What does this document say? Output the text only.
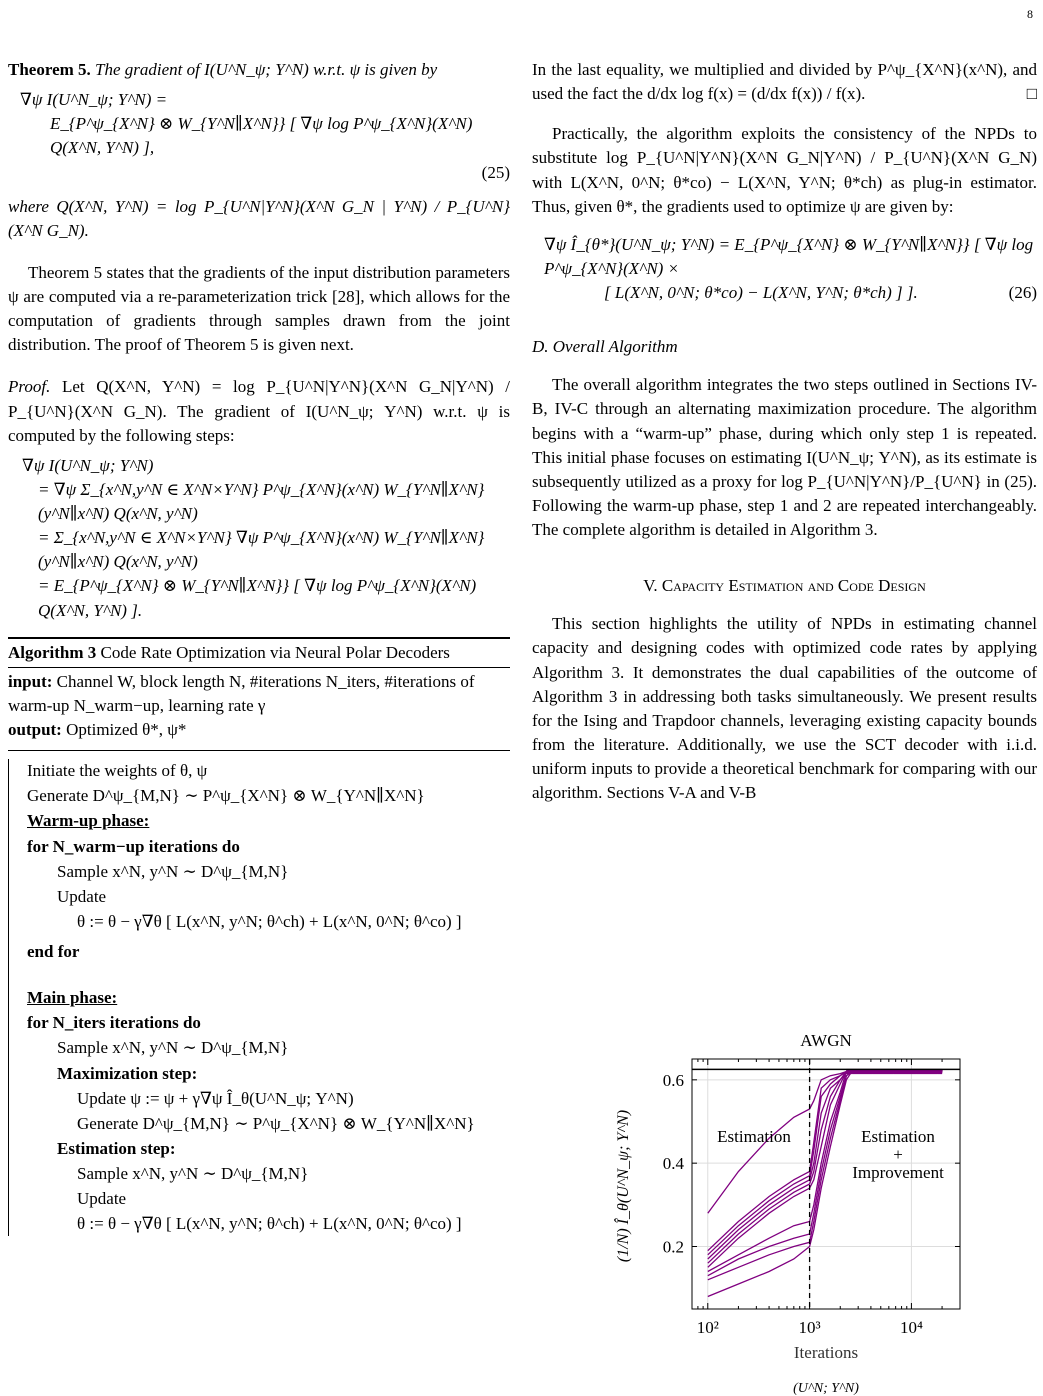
8

Theorem 5. The gradient of I(U^N_ψ; Y^N) w.r.t. ψ is given by

∇ψ I(U^N_ψ; Y^N) =
E_{P^ψ_{X^N} ⊗ W_{Y^N∥X^N}} [ ∇ψ log P^ψ_{X^N}(X^N) Q(X^N, Y^N) ],
(25)

where Q(X^N, Y^N) = log P_{U^N|Y^N}(X^N G_N | Y^N) / P_{U^N}(X^N G_N).

Theorem 5 states that the gradients of the input distribution parameters ψ are computed via a re-parameterization trick [28], which allows for the computation of gradients through samples drawn from the joint distribution. The proof of Theorem 5 is given next.

Proof. Let Q(X^N, Y^N) = log P_{U^N|Y^N}(X^N G_N|Y^N) / P_{U^N}(X^N G_N). The gradient of I(U^N_ψ; Y^N) w.r.t. ψ is computed by the following steps:

∇ψ I(U^N_ψ; Y^N)
= ∇ψ Σ_{x^N,y^N ∈ X^N×Y^N} P^ψ_{X^N}(x^N) W_{Y^N∥X^N}(y^N∥x^N) Q(x^N, y^N)
= Σ_{x^N,y^N ∈ X^N×Y^N} ∇ψ P^ψ_{X^N}(x^N) W_{Y^N∥X^N}(y^N∥x^N) Q(x^N, y^N)
= E_{P^ψ_{X^N} ⊗ W_{Y^N∥X^N}} [ ∇ψ log P^ψ_{X^N}(X^N) Q(X^N, Y^N) ].
Algorithm 3 Code Rate Optimization via Neural Polar Decoders
input: Channel W, block length N, #iterations N_iters, #iterations of warm-up N_warm−up, learning rate γ
output: Optimized θ*, ψ*
Initiate the weights of θ, ψ
Generate D^ψ_{M,N} ∼ P^ψ_{X^N} ⊗ W_{Y^N∥X^N}
Warm-up phase:
for N_warm−up iterations do
Sample x^N, y^N ∼ D^ψ_{M,N}
Update
θ := θ − γ∇θ [ L(x^N, y^N; θ^ch) + L(x^N, 0^N; θ^co) ]
end for
Main phase:
for N_iters iterations do
Sample x^N, y^N ∼ D^ψ_{M,N}
Maximization step:
Update ψ := ψ + γ∇ψ Î_θ(U^N_ψ; Y^N)
Generate D^ψ_{M,N} ∼ P^ψ_{X^N} ⊗ W_{Y^N∥X^N}
Estimation step:
Sample x^N, y^N ∼ D^ψ_{M,N}
Update
θ := θ − γ∇θ [ L(x^N, y^N; θ^ch) + L(x^N, 0^N; θ^co) ]

In the last equality, we multiplied and divided by P^ψ_{X^N}(x^N), and used the fact the d/dx log f(x) = (d/dx f(x)) / f(x).	□

Practically, the algorithm exploits the consistency of the NPDs to substitute log P_{U^N|Y^N}(X^N G_N|Y^N) / P_{U^N}(X^N G_N) with L(X^N, 0^N; θ*co) − L(X^N, Y^N; θ*ch) as plug-in estimator. Thus, given θ*, the gradients used to optimize ψ are given by:

∇ψ Î_{θ*}(U^N_ψ; Y^N) = E_{P^ψ_{X^N} ⊗ W_{Y^N∥X^N}} [ ∇ψ log P^ψ_{X^N}(X^N) ×
[ L(X^N, 0^N; θ*co) − L(X^N, Y^N; θ*ch) ] ].	(26)
D. Overall Algorithm

The overall algorithm integrates the two steps outlined in Sections IV-B, IV-C through an alternating maximization procedure. The algorithm begins with a “warm-up” phase, during which only step 1 is repeated. This initial phase focuses on estimating I(U^N_ψ; Y^N), as its estimate is subsequently utilized as a proxy for log P_{U^N|Y^N}/P_{U^N} in (25). Following the warm-up phase, step 1 and 2 are repeated interchangeably. The complete algorithm is detailed in Algorithm 3.

V. Capacity Estimation and Code Design

This section highlights the utility of NPDs in estimating channel capacity and designing codes with optimized code rates by applying Algorithm 3. It demonstrates the dual capabilities of the outcome of Algorithm 3 in addressing both tasks simultaneously. We present results for the Ising and Trapdoor channels, leveraging existing capacity bounds from the literature. Additionally, we use the SCT decoder with i.i.d. uniform inputs to provide a theoretical benchmark for comparing with our algorithm. Sections V-A and V-B

AWGN
10²	10³	10⁴
0.2
0.4
0.6
Estimation	Estimation
+
Improvement
(1/N) Î_θ(U^N_ψ; Y^N)
Iterations
(U^N; Y^N)
